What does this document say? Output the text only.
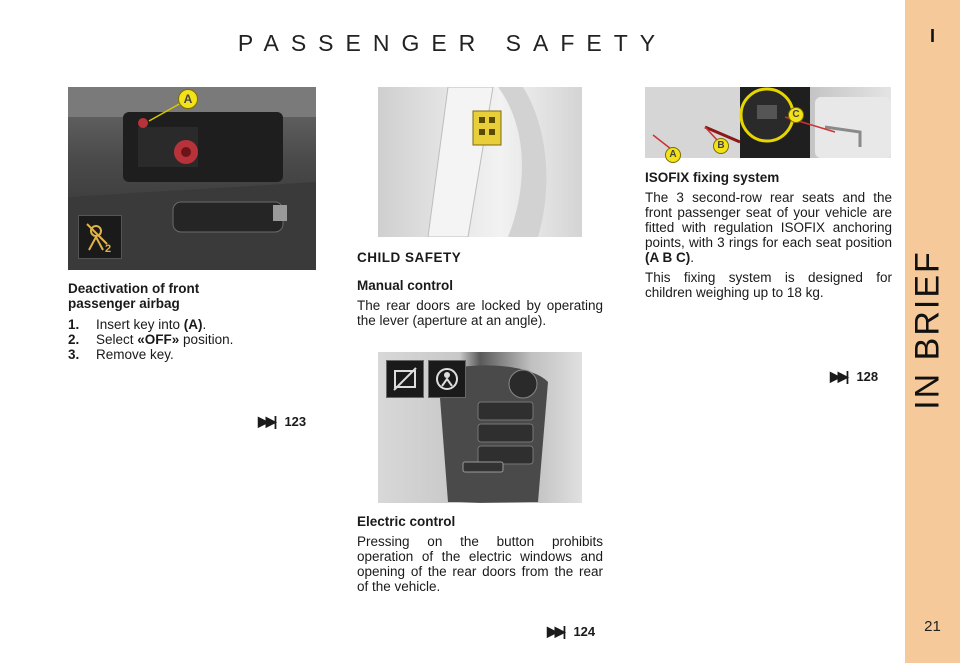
PASSENGER SAFETY	I
IN BRIEF
21
2
A
A
B
C
Deactivation of front passenger airbag
1.	Insert key into (A).
2.	Select «OFF» position.
3.	Remove key.
▶▶| 123
CHILD SAFETY
Manual control
The rear doors are locked by operating the lever (aperture at an angle).
Electric control
Pressing on the button prohibits operation of the electric windows and opening of the rear doors from the rear of the vehicle.
▶▶| 124
ISOFIX fixing system
The 3 second-row rear seats and the front passenger seat of your vehicle are fitted with regulation ISOFIX anchoring points, with 3 rings for each seat position (A B C).
This fixing system is designed for children weighing up to 18 kg.
▶▶| 128
